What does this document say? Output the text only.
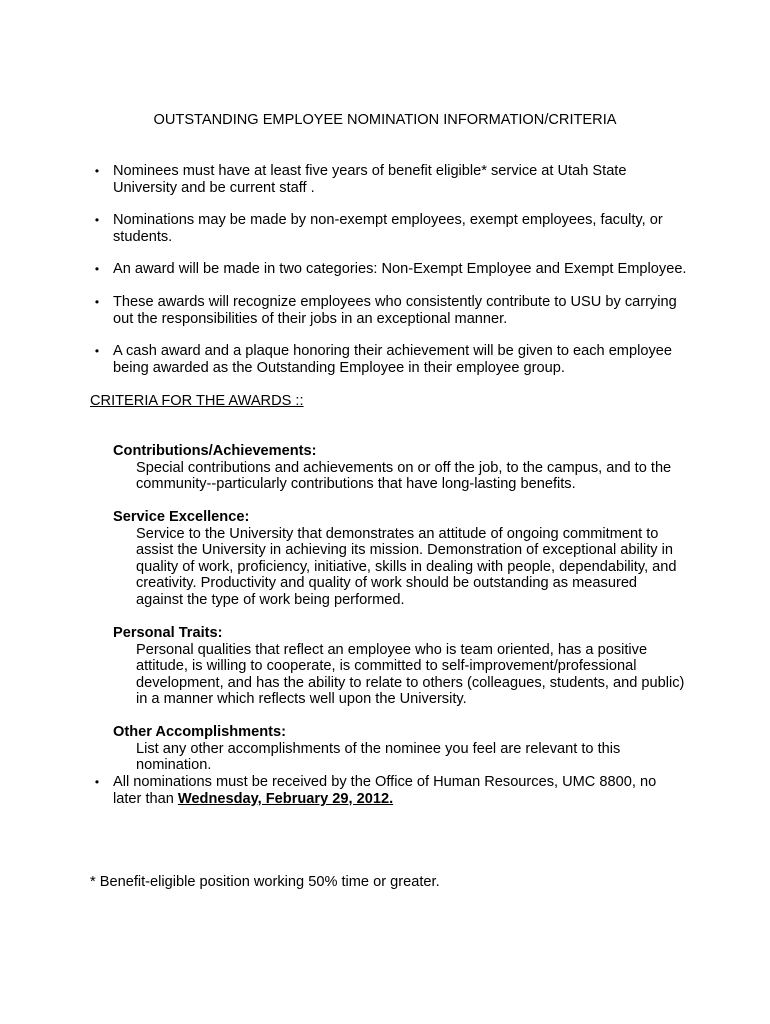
OUTSTANDING EMPLOYEE NOMINATION INFORMATION/CRITERIA
• Nominees must have at least five years of benefit eligible* service at Utah State University and be current staff .
• Nominations may be made by non-exempt employees, exempt employees, faculty, or students.
• An award will be made in two categories: Non-Exempt Employee and Exempt Employee.
• These awards will recognize employees who consistently contribute to USU by carrying out the responsibilities of their jobs in an exceptional manner.
• A cash award and a plaque honoring their achievement will be given to each employee being awarded as the Outstanding Employee in their employee group.
CRITERIA FOR THE AWARDS ::
Contributions/Achievements:
Special contributions and achievements on or off the job, to the campus, and to the community--particularly contributions that have long-lasting benefits.
Service Excellence:
Service to the University that demonstrates an attitude of ongoing commitment to assist the University in achieving its mission. Demonstration of exceptional ability in quality of work, proficiency, initiative, skills in dealing with people, dependability, and creativity. Productivity and quality of work should be outstanding as measured against the type of work being performed.
Personal Traits:
Personal qualities that reflect an employee who is team oriented, has a positive attitude, is willing to cooperate, is committed to self-improvement/professional development, and has the ability to relate to others (colleagues, students, and public) in a manner which reflects well upon the University.
Other Accomplishments:
List any other accomplishments of the nominee you feel are relevant to this nomination.
• All nominations must be received by the Office of Human Resources, UMC 8800, no later than Wednesday, February 29, 2012.
* Benefit-eligible position working 50% time or greater.
